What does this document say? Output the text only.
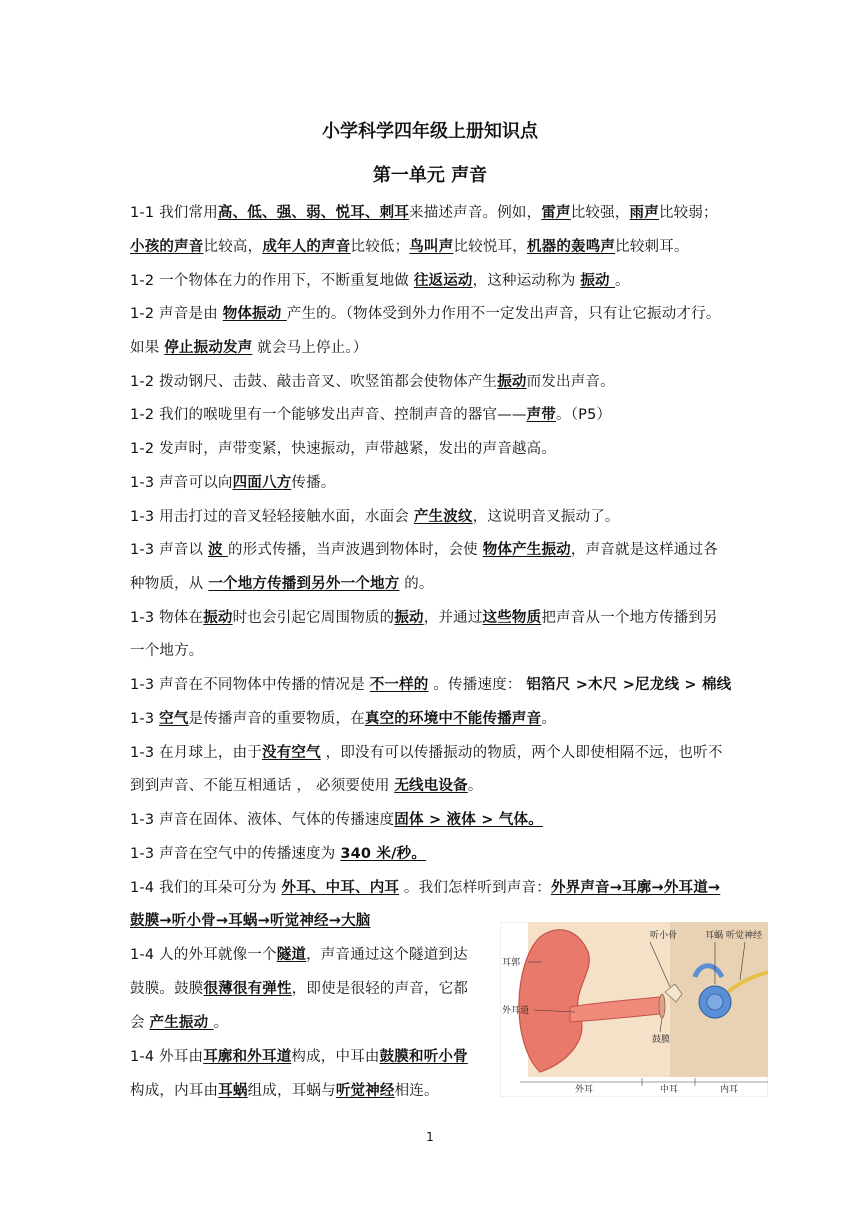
小学科学四年级上册知识点
第一单元 声音
1-1 我们常用高、低、强、弱、悦耳、刺耳来描述声音。例如，雷声比较强，雨声比较弱；
小孩的声音比较高，成年人的声音比较低；鸟叫声比较悦耳，机器的轰鸣声比较刺耳。
1-2 一个物体在力的作用下，不断重复地做 往返运动，这种运动称为 振动 。
1-2 声音是由 物体振动 产生的。（物体受到外力作用不一定发出声音，只有让它振动才行。
如果 停止振动发声 就会马上停止。）
1-2 拨动钢尺、击鼓、敲击音叉、吹竖笛都会使物体产生振动而发出声音。
1-2 我们的喉咙里有一个能够发出声音、控制声音的器官——声带。（P5）
1-2 发声时，声带变紧，快速振动，声带越紧，发出的声音越高。
1-3 声音可以向四面八方传播。
1-3 用击打过的音叉轻轻接触水面，水面会 产生波纹，这说明音叉振动了。
1-3 声音以 波 的形式传播，当声波遇到物体时，会使 物体产生振动，声音就是这样通过各
种物质，从 一个地方传播到另外一个地方 的。
1-3 物体在振动时也会引起它周围物质的振动，并通过这些物质把声音从一个地方传播到另
一个地方。
1-3 声音在不同物体中传播的情况是 不一样的 。传播速度： 铝箔尺 >木尺 >尼龙线 > 棉线
1-3 空气是传播声音的重要物质，在真空的环境中不能传播声音。
1-3 在月球上，由于没有空气 ，即没有可以传播振动的物质，两个人即使相隔不远，也听不
到到声音、不能互相通话 ， 必须要使用 无线电设备。
1-3 声音在固体、液体、气体的传播速度固体 > 液体 > 气体。
1-3 声音在空气中的传播速度为 340 米/秒。
1-4 我们的耳朵可分为 外耳、中耳、内耳 。我们怎样听到声音：外界声音→耳廓→外耳道→
鼓膜→听小骨→耳蜗→听觉神经→大脑
1-4 人的外耳就像一个隧道，声音通过这个隧道到达
鼓膜。鼓膜很薄很有弹性，即使是很轻的声音，它都
会 产生振动 。
1-4 外耳由耳廓和外耳道构成，中耳由鼓膜和听小骨
构成，内耳由耳蜗组成，耳蜗与听觉神经相连。
听小骨	耳蜗 听觉神经
耳郭
外耳道
鼓膜
外耳	中耳	内耳
1
